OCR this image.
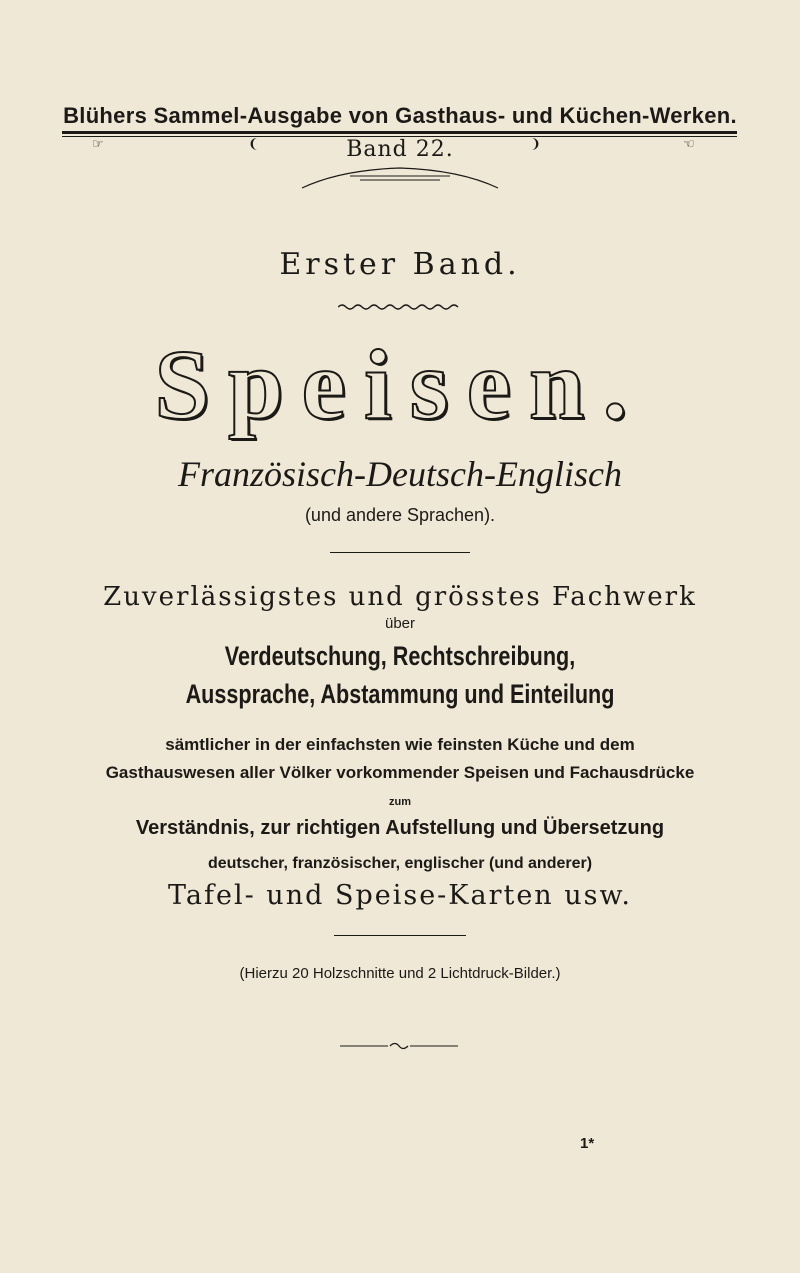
Blühers Sammel-Ausgabe von Gasthaus- und Küchen-Werken.
☞	❨	Band 22.	❩	☜
Erster Band.
Speisen.
Französisch-Deutsch-Englisch
(und andere Sprachen).
Zuverlässigstes und grösstes Fachwerk
über
Verdeutschung, Rechtschreibung,
Aussprache, Abstammung und Einteilung
sämtlicher in der einfachsten wie feinsten Küche und dem
Gasthauswesen aller Völker vorkommender Speisen und Fachausdrücke
zum
Verständnis, zur richtigen Aufstellung und Übersetzung
deutscher, französischer, englischer (und anderer)
Tafel- und Speise-Karten usw.
(Hierzu 20 Holzschnitte und 2 Lichtdruck-Bilder.)
1*
